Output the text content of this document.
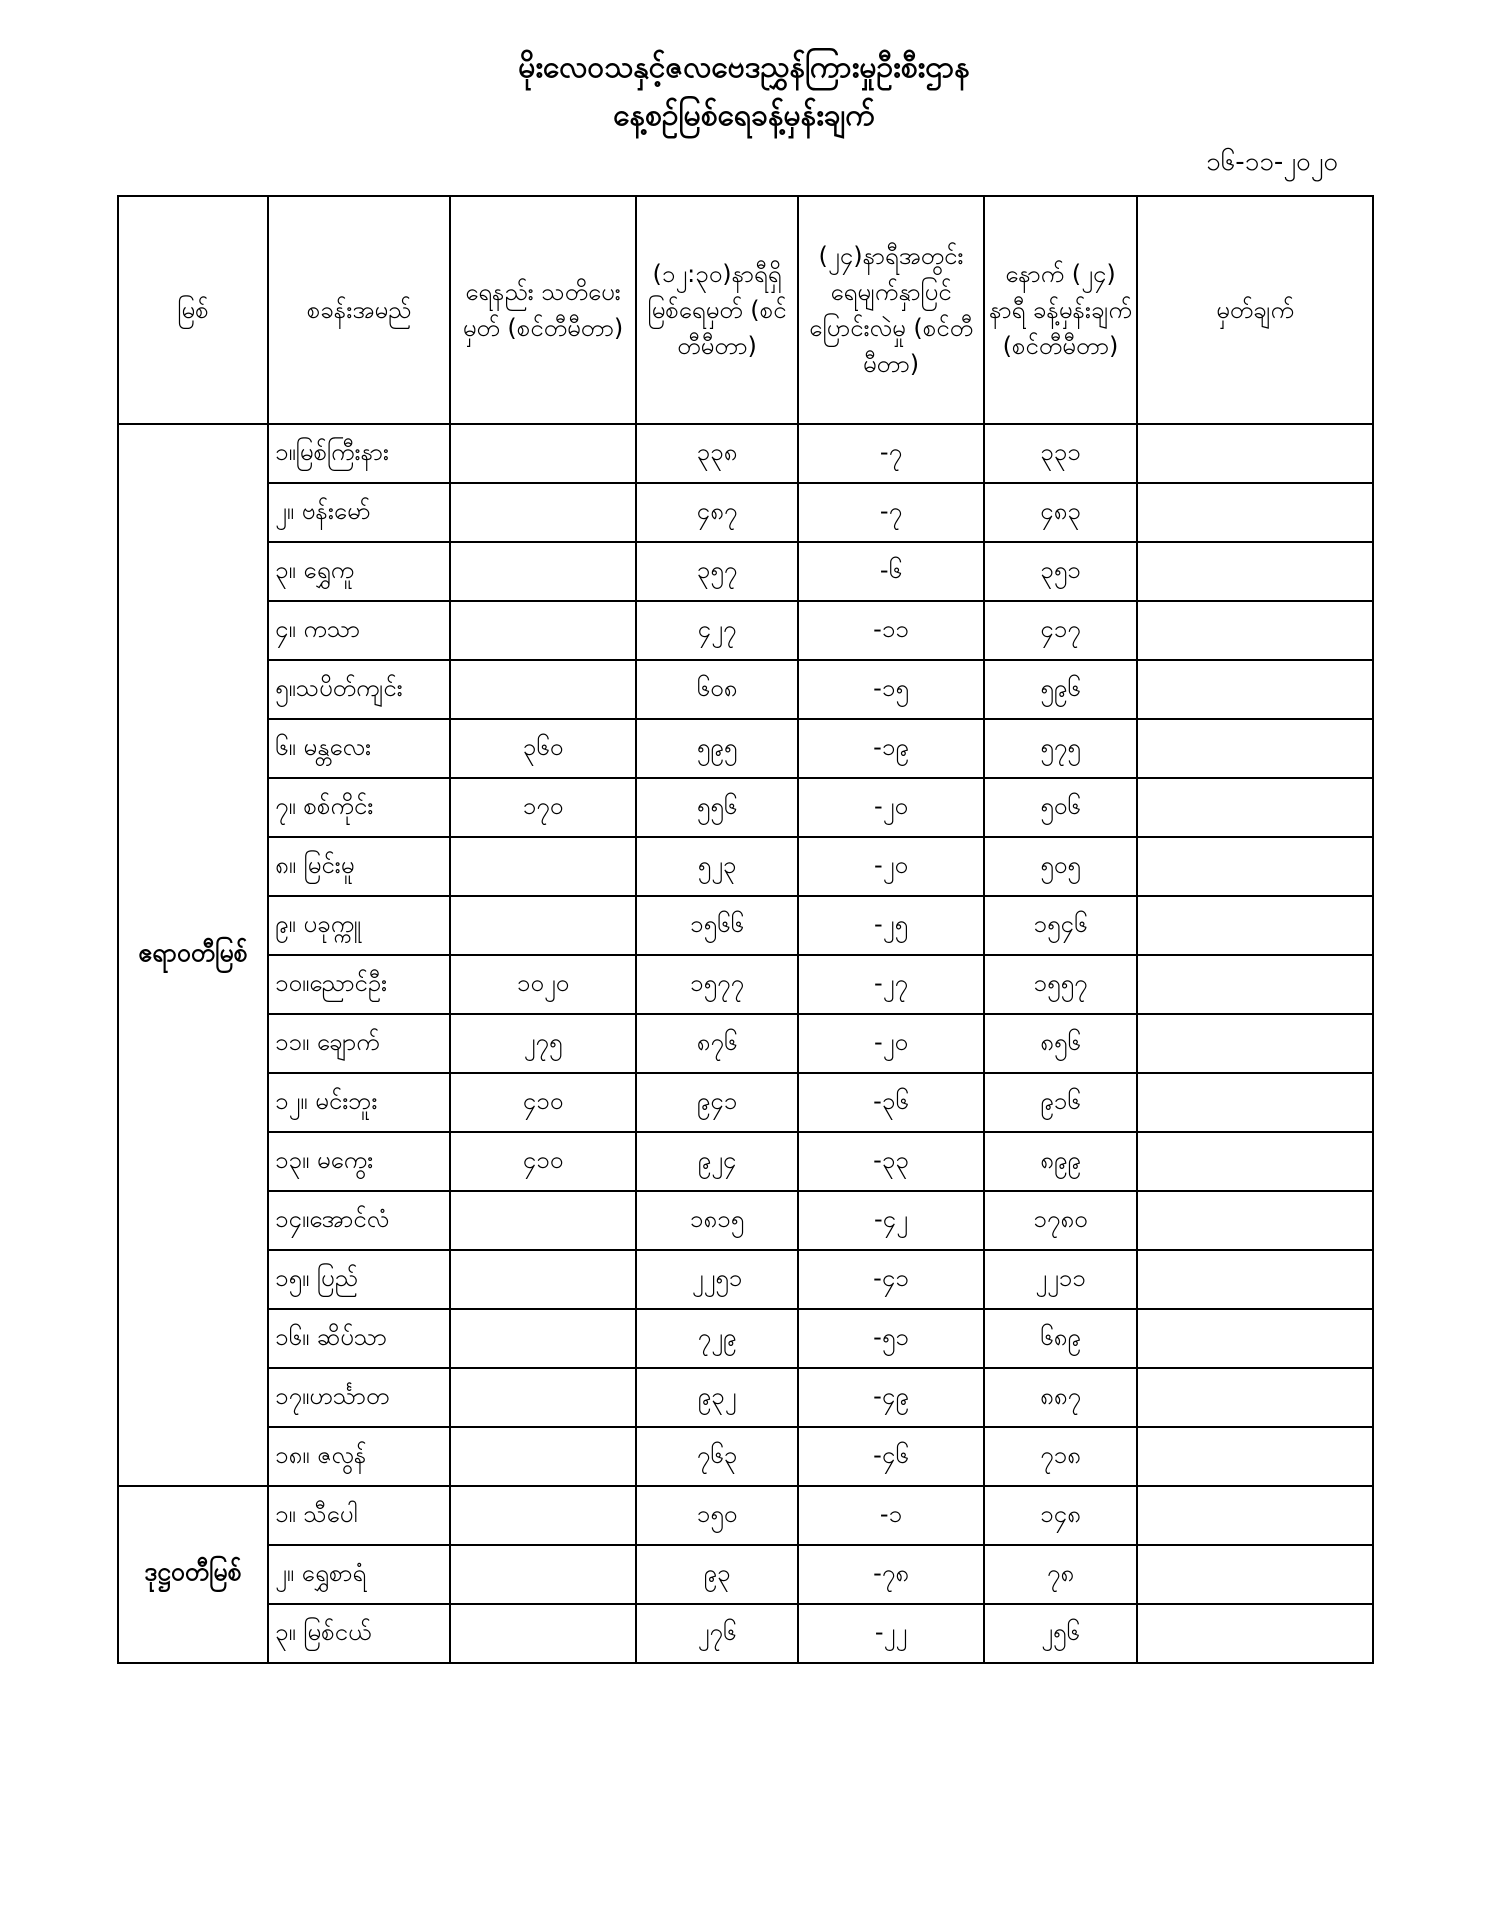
မိုးလေဝသနှင့်ဇလဗေဒညွှန်ကြားမှုဦးစီးဌာန
နေ့စဉ်မြစ်ရေခန့်မှန်းချက်
၁၆-၁၁-၂၀၂၀
မြစ်	စခန်းအမည်	ရေနည်း သတိပေးမှတ် (စင်တီမီတာ)	(၁၂:၃၀)နာရီရှိ မြစ်ရေမှတ် (စင်တီမီတာ)	(၂၄)နာရီအတွင်း ရေမျက်နှာပြင် ပြောင်းလဲမှု (စင်တီမီတာ)	နောက် (၂၄) နာရီ ခန့်မှန်းချက် (စင်တီမီတာ)	မှတ်ချက်
ဧရာဝတီမြစ်	၁။မြစ်ကြီးနား		၃၃၈	-၇	၃၃၁	
	၂။ ဗန်းမော်		၄၈၇	-၇	၄၈၃	
	၃။ ရွှေကူ		၃၅၇	-၆	၃၅၁	
	၄။ ကသာ		၄၂၇	-၁၁	၄၁၇	
	၅။သပိတ်ကျင်း		၆၀၈	-၁၅	၅၉၆	
	၆။ မန္တလေး	၃၆၀	၅၉၅	-၁၉	၅၇၅	
	၇။ စစ်ကိုင်း	၁၇၀	၅၅၆	-၂၀	၅၀၆	
	၈။ မြင်းမူ		၅၂၃	-၂၀	၅၀၅	
	၉။ ပခုက္ကူ		၁၅၆၆	-၂၅	၁၅၄၆	
	၁၀။ညောင်ဦး	၁၀၂၀	၁၅၇၇	-၂၇	၁၅၅၇	
	၁၁။ ချောက်	၂၇၅	၈၇၆	-၂၀	၈၅၆	
	၁၂။ မင်းဘူး	၄၁၀	၉၄၁	-၃၆	၉၁၆	
	၁၃။ မကွေး	၄၁၀	၉၂၄	-၃၃	၈၉၉	
	၁၄။အောင်လံ		၁၈၁၅	-၄၂	၁၇၈၀	
	၁၅။ ပြည်		၂၂၅၁	-၄၁	၂၂၁၁	
	၁၆။ ဆိပ်သာ		၇၂၉	-၅၁	၆၈၉	
	၁၇။ဟင်္သာတ		၉၃၂	-၄၉	၈၈၇	
	၁၈။ ဇလွန်		၇၆၃	-၄၆	၇၁၈	
ဒုဋ္ဌဝတီမြစ်	၁။ သီပေါ		၁၅၀	-၁	၁၄၈	
	၂။ ရွှေစာရံ		၉၃	-၇၈	၇၈	
	၃။ မြစ်ငယ်		၂၇၆	-၂၂	၂၅၆	
